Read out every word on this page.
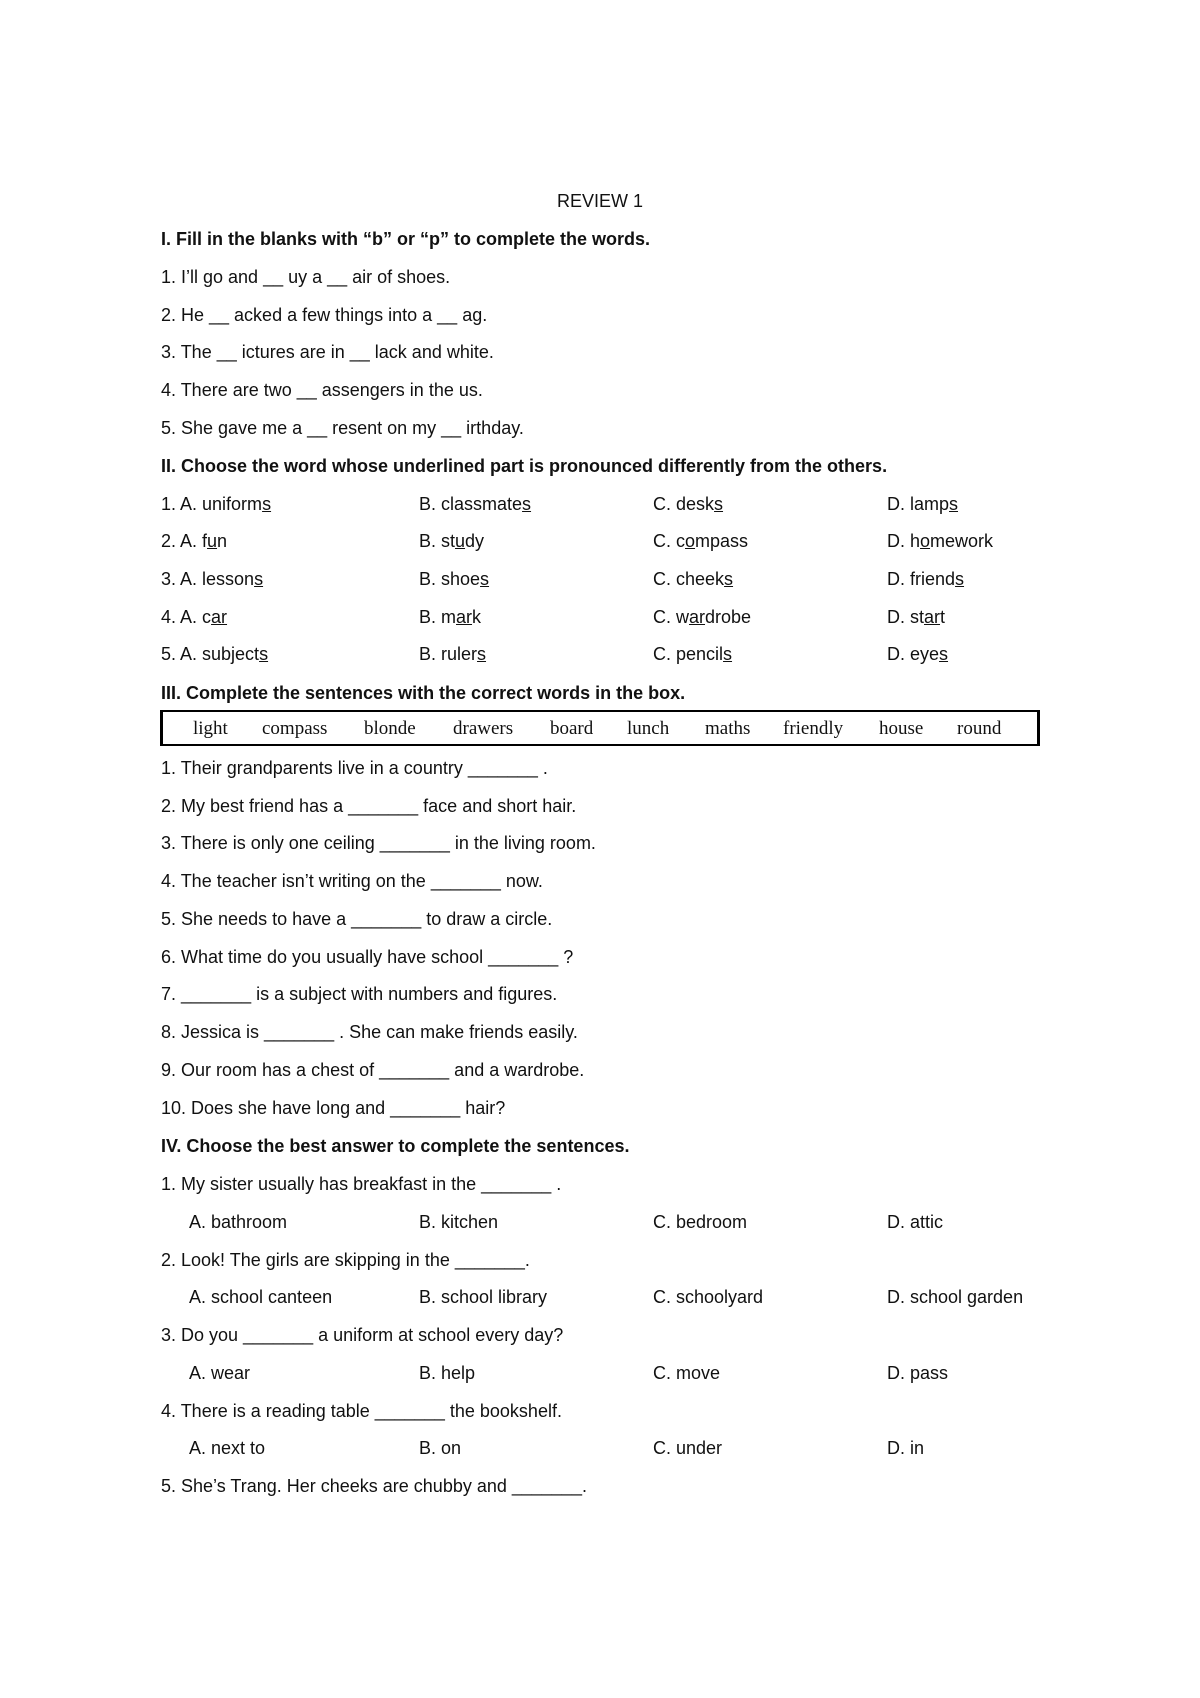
REVIEW 1
I. Fill in the blanks with “b” or “p” to complete the words.
1. I’ll go and __ uy a __ air of shoes.
2. He __ acked a few things into a __ ag.
3. The __ ictures are in __ lack and white.
4. There are two __ assengers in the us.
5. She gave me a __ resent on my __ irthday.
II. Choose the word whose underlined part is pronounced differently from the others.
1. A. uniforms	B. classmates	C. desks	D. lamps
2. A. fun	B. study	C. compass	D. homework
3. A. lessons	B. shoes	C. cheeks	D. friends
4. A. car	B. mark	C. wardrobe	D. start
5. A. subjects	B. rulers	C. pencils	D. eyes
III. Complete the sentences with the correct words in the box.
light compass blonde drawers board lunch maths friendly house round
1. Their grandparents live in a country _______ .
2. My best friend has a _______ face and short hair.
3. There is only one ceiling _______ in the living room.
4. The teacher isn’t writing on the _______ now.
5. She needs to have a _______ to draw a circle.
6. What time do you usually have school _______ ?
7. _______ is a subject with numbers and figures.
8. Jessica is _______ . She can make friends easily.
9. Our room has a chest of _______ and a wardrobe.
10. Does she have long and _______ hair?
IV. Choose the best answer to complete the sentences.
1. My sister usually has breakfast in the _______ .
A. bathroom	B. kitchen	C. bedroom	D. attic
2. Look! The girls are skipping in the _______.
A. school canteen	B. school library	C. schoolyard	D. school garden
3. Do you _______ a uniform at school every day?
A. wear	B. help	C. move	D. pass
4. There is a reading table _______ the bookshelf.
A. next to	B. on	C. under	D. in
5. She’s Trang. Her cheeks are chubby and _______.
